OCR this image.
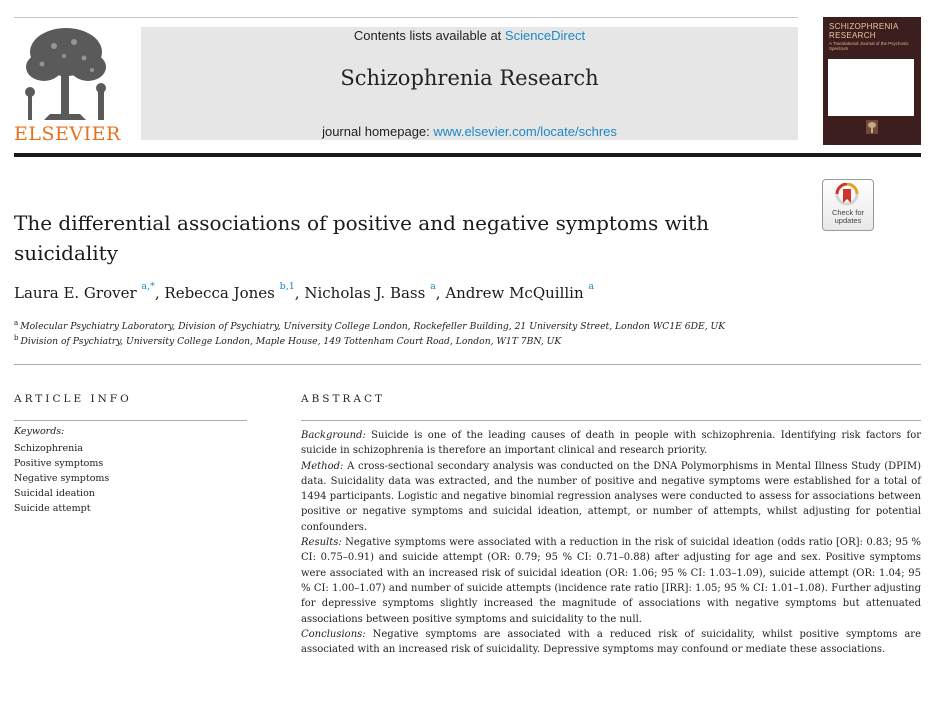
ELSEVIER
Contents lists available at ScienceDirect
Schizophrenia Research
journal homepage: www.elsevier.com/locate/schres
SCHIZOPHRENIA
RESEARCH
A Translational Journal of the Psychosis Spectrum
Check for
updates
The differential associations of positive and negative symptoms with suicidality
Laura E. Grover $^{a,*}$, Rebecca Jones $^{b,1}$, Nicholas J. Bass $^a$, Andrew McQuillin $^a$
$^a$ Molecular Psychiatry Laboratory, Division of Psychiatry, University College London, Rockefeller Building, 21 University Street, London WC1E 6DE, UK
$^b$ Division of Psychiatry, University College London, Maple House, 149 Tottenham Court Road, London, W1T 7BN, UK
ARTICLE INFO
Keywords:
Schizophrenia
Positive symptoms
Negative symptoms
Suicidal ideation
Suicide attempt
ABSTRACT

Background: Suicide is one of the leading causes of death in people with schizophrenia. Identifying risk factors for suicide in schizophrenia is therefore an important clinical and research priority.

Method: A cross-sectional secondary analysis was conducted on the DNA Polymorphisms in Mental Illness Study (DPIM) data. Suicidality data was extracted, and the number of positive and negative symptoms were established for a total of 1494 participants. Logistic and negative binomial regression analyses were conducted to assess for associations between positive or negative symptoms and suicidal ideation, attempt, or number of attempts, whilst adjusting for potential confounders.

Results: Negative symptoms were associated with a reduction in the risk of suicidal ideation (odds ratio [OR]: 0.83; 95 % CI: 0.75–0.91) and suicide attempt (OR: 0.79; 95 % CI: 0.71–0.88) after adjusting for age and sex. Positive symptoms were associated with an increased risk of suicidal ideation (OR: 1.06; 95 % CI: 1.03–1.09), suicide attempt (OR: 1.04; 95 % CI: 1.00–1.07) and number of suicide attempts (incidence rate ratio [IRR]: 1.05; 95 % CI: 1.01–1.08). Further adjusting for depressive symptoms slightly increased the magnitude of associations with negative symptoms but attenuated associations between positive symptoms and suicidality to the null.

Conclusions: Negative symptoms are associated with a reduced risk of suicidality, whilst positive symptoms are associated with an increased risk of suicidality. Depressive symptoms may confound or mediate these associations.
